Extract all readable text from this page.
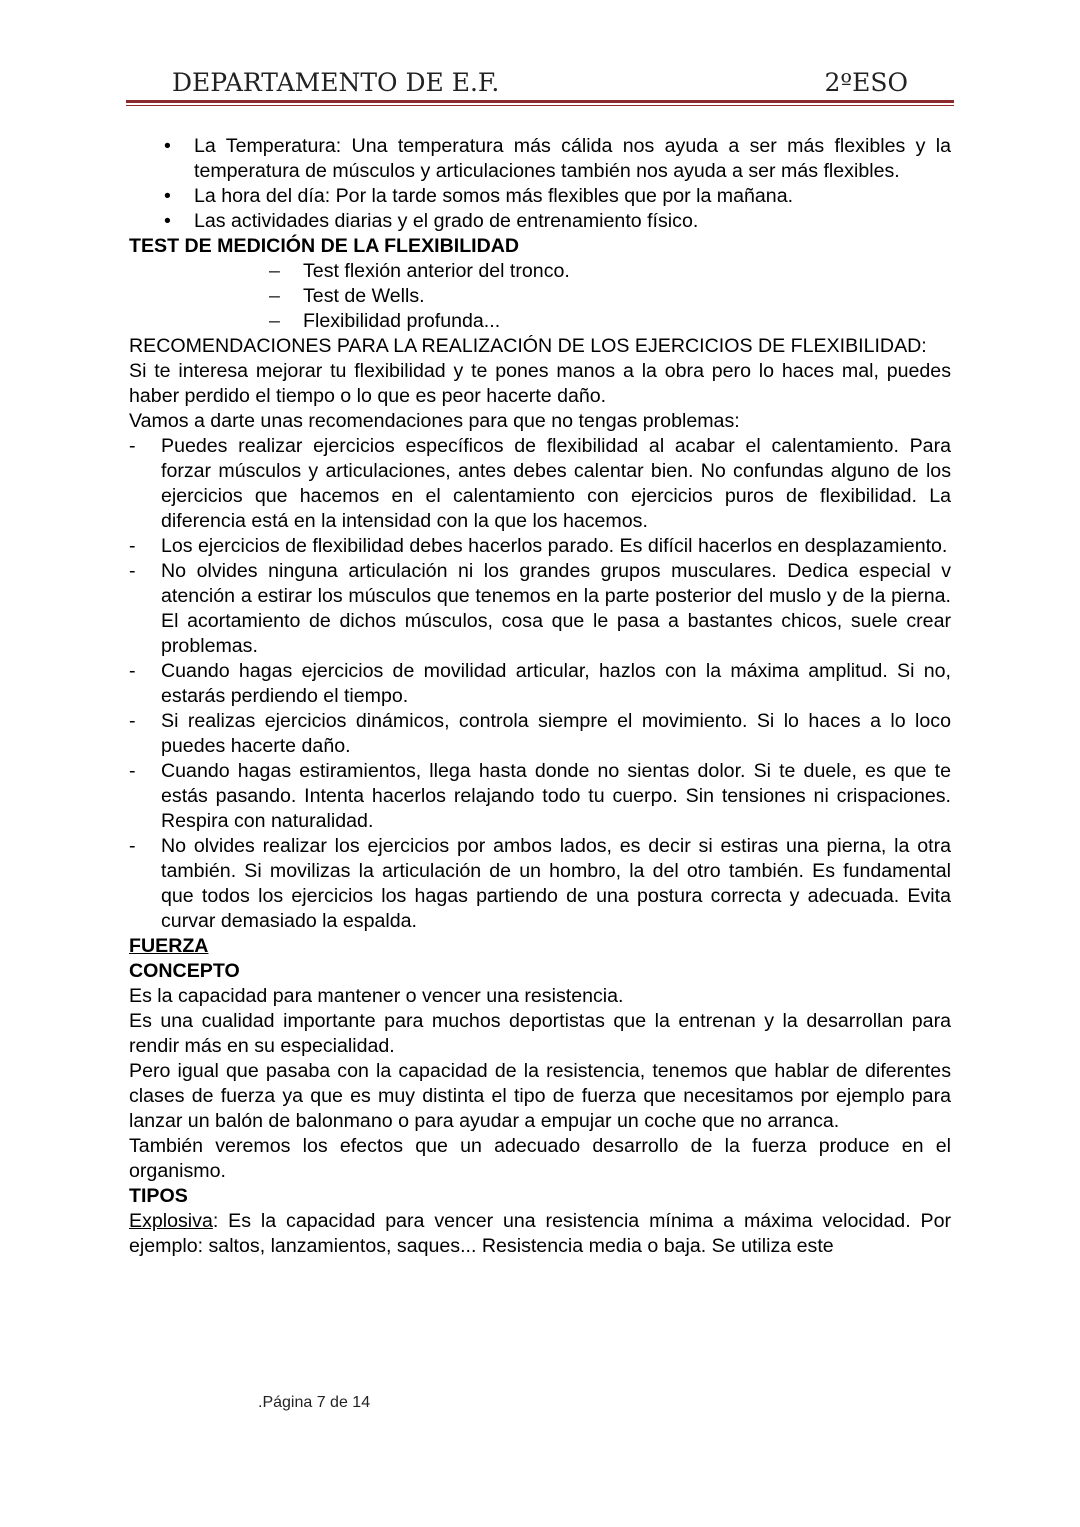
DEPARTAMENTO DE E.F.	2ºESO
• La Temperatura: Una temperatura más cálida nos ayuda a ser más flexibles y la temperatura de músculos y articulaciones también nos ayuda a ser más flexibles.
• La hora del día: Por la tarde somos más flexibles que por la mañana.
• Las actividades diarias y el grado de entrenamiento físico.

TEST DE MEDICIÓN DE LA FLEXIBILIDAD

– Test flexión anterior del tronco.
– Test de Wells.
– Flexibilidad profunda...

RECOMENDACIONES PARA LA REALIZACIÓN DE LOS EJERCICIOS DE FLEXIBILIDAD:

Si te interesa mejorar tu flexibilidad y te pones manos a la obra pero lo haces mal, puedes haber perdido el tiempo o lo que es peor hacerte daño.

Vamos a darte unas recomendaciones para que no tengas problemas:

- Puedes realizar ejercicios específicos de flexibilidad al acabar el calentamiento. Para forzar músculos y articulaciones, antes debes calentar bien. No confundas alguno de los ejercicios que hacemos en el calentamiento con ejercicios puros de flexibilidad. La diferencia está en la intensidad con la que los hacemos.
- Los ejercicios de flexibilidad debes hacerlos parado. Es difícil hacerlos en desplazamiento.
- No olvides ninguna articulación ni los grandes grupos musculares. Dedica especial v atención a estirar los músculos que tenemos en la parte posterior del muslo y de la pierna. El acortamiento de dichos músculos, cosa que le pasa a bastantes chicos, suele crear problemas.
- Cuando hagas ejercicios de movilidad articular, hazlos con la máxima amplitud. Si no, estarás perdiendo el tiempo.
- Si realizas ejercicios dinámicos, controla siempre el movimiento. Si lo haces a lo loco puedes hacerte daño.
- Cuando hagas estiramientos, llega hasta donde no sientas dolor. Si te duele, es que te estás pasando. Intenta hacerlos relajando todo tu cuerpo. Sin tensiones ni crispaciones. Respira con naturalidad.
- No olvides realizar los ejercicios por ambos lados, es decir si estiras una pierna, la otra también. Si movilizas la articulación de un hombro, la del otro también. Es fundamental que todos los ejercicios los hagas partiendo de una postura correcta y adecuada. Evita curvar demasiado la espalda.

FUERZA

CONCEPTO

Es la capacidad para mantener o vencer una resistencia.

Es una cualidad importante para muchos deportistas que la entrenan y la desarrollan para rendir más en su especialidad.

Pero igual que pasaba con la capacidad de la resistencia, tenemos que hablar de diferentes clases de fuerza ya que es muy distinta el tipo de fuerza que necesitamos por ejemplo para lanzar un balón de balonmano o para ayudar a empujar un coche que no arranca.

También veremos los efectos que un adecuado desarrollo de la fuerza produce en el organismo.

TIPOS

Explosiva: Es la capacidad para vencer una resistencia mínima a máxima velocidad. Por ejemplo: saltos, lanzamientos, saques... Resistencia media o baja. Se utiliza este

.Página 7 de 14
